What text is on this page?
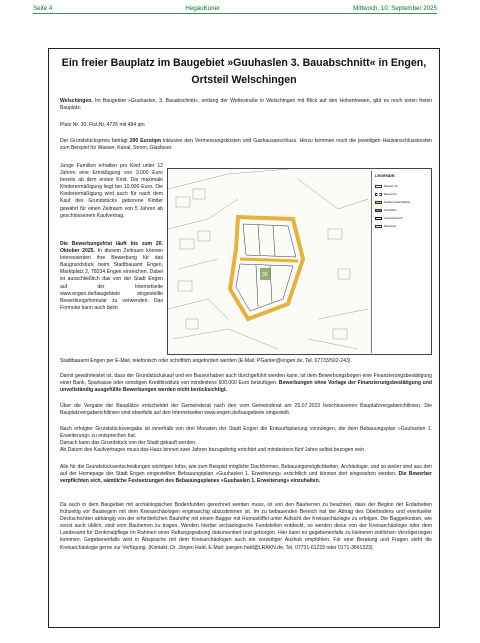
Seite 4	HegauKurier	Mittwoch, 10. September 2025
Ein freier Bauplatz im Baugebiet »Guuhaslen 3. Bauabschnitt« in Engen,
Ortsteil Welschingen
Welschingen. Im Baugebiet »Guuhaslen, 3. Bauabschnitt«, entlang der Wettestraße in Welschingen mit Blick auf den Hohenhewen, gibt es noch einen freien Bauplatz:
Platz Nr. 30, Flst.Nr. 4726 mit 484 qm
Der Grundstückspreis beträgt 290 Euro/qm inklusive den Vermessungskosten und Gashausanschluss. Hinzu kommen noch die jeweiligen Hausanschlusskosten zum Beispiel für Wasser, Kanal, Strom, Glasfaser.
Junge Familien erhalten pro Kind unter 12 Jahren eine Ermäßigung von 3.000 Euro bereits ab dem ersten Kind. Die maximale Kinderermäßigung liegt bei 10.000 Euro. Die Kinderermäßigung wird auch für nach dem Kauf des Grundstücks geborene Kinder gewährt für einen Zeitraum von 5 Jahren ab geschlossenem Kaufvertrag.
Die Bewerbungsfrist läuft bis zum 20. Oktober 2025. In diesem Zeitraum können Interessenten ihre Bewerbung für das Baugrundstück beim Stadtbauamt Engen, Marktplatz 2, 78234 Engen einreichen. Dabei ist ausschließlich das von der Stadt Engen auf der Internetseite www.engen.de/baugebiete eingestellte Bewerbungsformular zu verwenden. Das Formular kann auch beim
30
LEGENDE:
Bauplatz Nr.
Baugrenze
Straßenverkehrsfläche
Grünfläche
Geltungsbereich
Baufenster
Stadtbauamt Engen per E-Mail, telefonisch oder schriftlich angefordert werden (E-Mail: PGanter@engen.de, Tel. 07733/502-243).
Damit gewährleistet ist, dass der Grundstückskauf und ein Bauvorhaben auch durchgeführt werden kann, ist dem Bewerbungsbogen eine Finanzierungsbestätigung einer Bank, Sparkasse oder sonstigen Kreditinstituts von mindestens 600.000 Euro beizufügen. Bewerbungen ohne Vorlage der Finanzierungsbestätigung und unvollständig ausgefüllte Bewerbungen werden nicht berücksichtigt.
Über die Vergabe der Bauplätze entscheidet der Gemeinderat nach den vom Gemeinderat am 25.07.2023 beschlossenen Bauplatzvergaberichtlinien. Die Bauplatzvergaberichtlinien sind ebenfalls auf den Internetseiten www.engen.de/baugebiete eingestellt.
Nach erfolgter Grundstücksvergabe ist innerhalb von drei Monaten der Stadt Engen die Entwurfsplanung vorzulegen, die dem Bebauungsplan »Guuhaslen 1. Erweiterung« zu entsprechen hat.
Danach kann das Grundstück von der Stadt gekauft werden.
Ab Datum des Kaufvertrages muss das Haus binnen zwei Jahren bezugsfertig errichtet und mindestens fünf Jahre selbst bezogen sein.
Alle für die Grundstücksentscheidungen wichtigen Infos, wie zum Beispiel mögliche Dachformen, Bebauungsmöglichkeiten, Archäologie, und so weiter sind aus den auf der Homepage der Stadt Engen eingestellten Bebauungsplan »Guuhaslen 1. Erweiterung« ersichtlich und können dort eingesehen werden. Die Bewerber verpflichten sich, sämtliche Festsetzungen des Bebauungsplanes »Guuhaslen 1. Erweiterung« einzuhalten.
Da auch in dem Baugebiet mit archäologischen Bodenfunden gerechnet werden muss, ist von den Bauherren zu beachten, dass der Beginn der Erdarbeiten frühzeitig vor Baubeginn mit dem Kreisarchäologen engmaschig abzustimmen ist. Im zu bebauenden Bereich hat der Abtrag des Oberbodens und eventueller Deckschichten abhängig von der erforderlichen Bauhöhe mit einem Bagger mit Humuslöffel unter Aufsicht der Kreisarchäologie zu erfolgen. Die Baggerkosten, wie sonst auch üblich, sind vom Bauherren zu tragen. Werden hierbei archäologische Fundstellen entdeckt, so werden diese von der Kreisarchäologie oder dem Landesamt für Denkmalpflege im Rahmen einer Rettungsgrabung dokumentiert und geborgen. Hier kann es gegebenenfalls zu kleineren zeitlichen Verzögerungen kommen. Gegebenenfalls wird in Absprache mit dem Kreisarchäologen auch ein vorzeitiger Aushub empfohlen. Für eine Beratung und Fragen steht die Kreisarchäologie gerne zur Verfügung. (Kontakt: Dr. Jürgen Hald, E-Mail: juergen.hald@LRAKN.de, Tel. 07731-61229 oder 0171-3661323).
